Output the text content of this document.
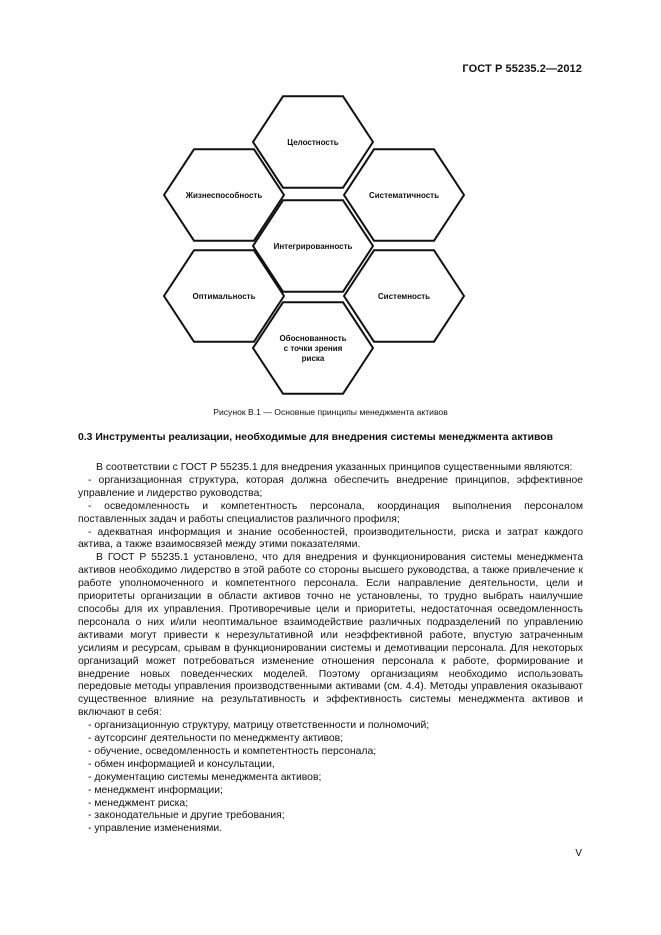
ГОСТ Р 55235.2—2012
Целостность
Жизнеспособность	Систематичность
Интегрированность
Оптимальность	Системность
Обоснованность
с точки зрения
риска
Рисунок В.1 — Основные принципы менеджмента активов
0.3 Инструменты реализации, необходимые для внедрения системы менеджмента активов

В соответствии с ГОСТ Р 55235.1 для внедрения указанных принципов существенными являются:

- организационная структура, которая должна обеспечить внедрение принципов, эффективное управление и лидерство руководства;

- осведомленность и компетентность персонала, координация выполнения персоналом поставленных задач и работы специалистов различного профиля;

- адекватная информация и знание особенностей, производительности, риска и затрат каждого актива, а также взаимосвязей между этими показателями.

В ГОСТ Р 55235.1 установлено, что для внедрения и функционирования системы менеджмента активов необходимо лидерство в этой работе со стороны высшего руководства, а также привлечение к работе уполномоченного и компетентного персонала. Если направление деятельности, цели и приоритеты организации в области активов точно не установлены, то трудно выбрать наилучшие способы для их управления. Противоречивые цели и приоритеты, недостаточная осведомленность персонала о них и/или неоптимальное взаимодействие различных подразделений по управлению активами могут привести к нерезультативной или неэффективной работе, впустую затраченным усилиям и ресурсам, срывам в функционировании системы и демотивации персонала. Для некоторых организаций может потребоваться изменение отношения персонала к работе, формирование и внедрение новых поведенческих моделей. Поэтому организациям необходимо использовать передовые методы управления производственными активами (см. 4.4). Методы управления оказывают существенное влияние на результативность и эффективность системы менеджмента активов и включают в себя:

- организационную структуру, матрицу ответственности и полномочий;

- аутсорсинг деятельности по менеджменту активов;

- обучение, осведомленность и компетентность персонала;

- обмен информацией и консультации,

- документацию системы менеджмента активов;

- менеджмент информации;

- менеджмент риска;

- законодательные и другие требования;

- управление изменениями.

V
